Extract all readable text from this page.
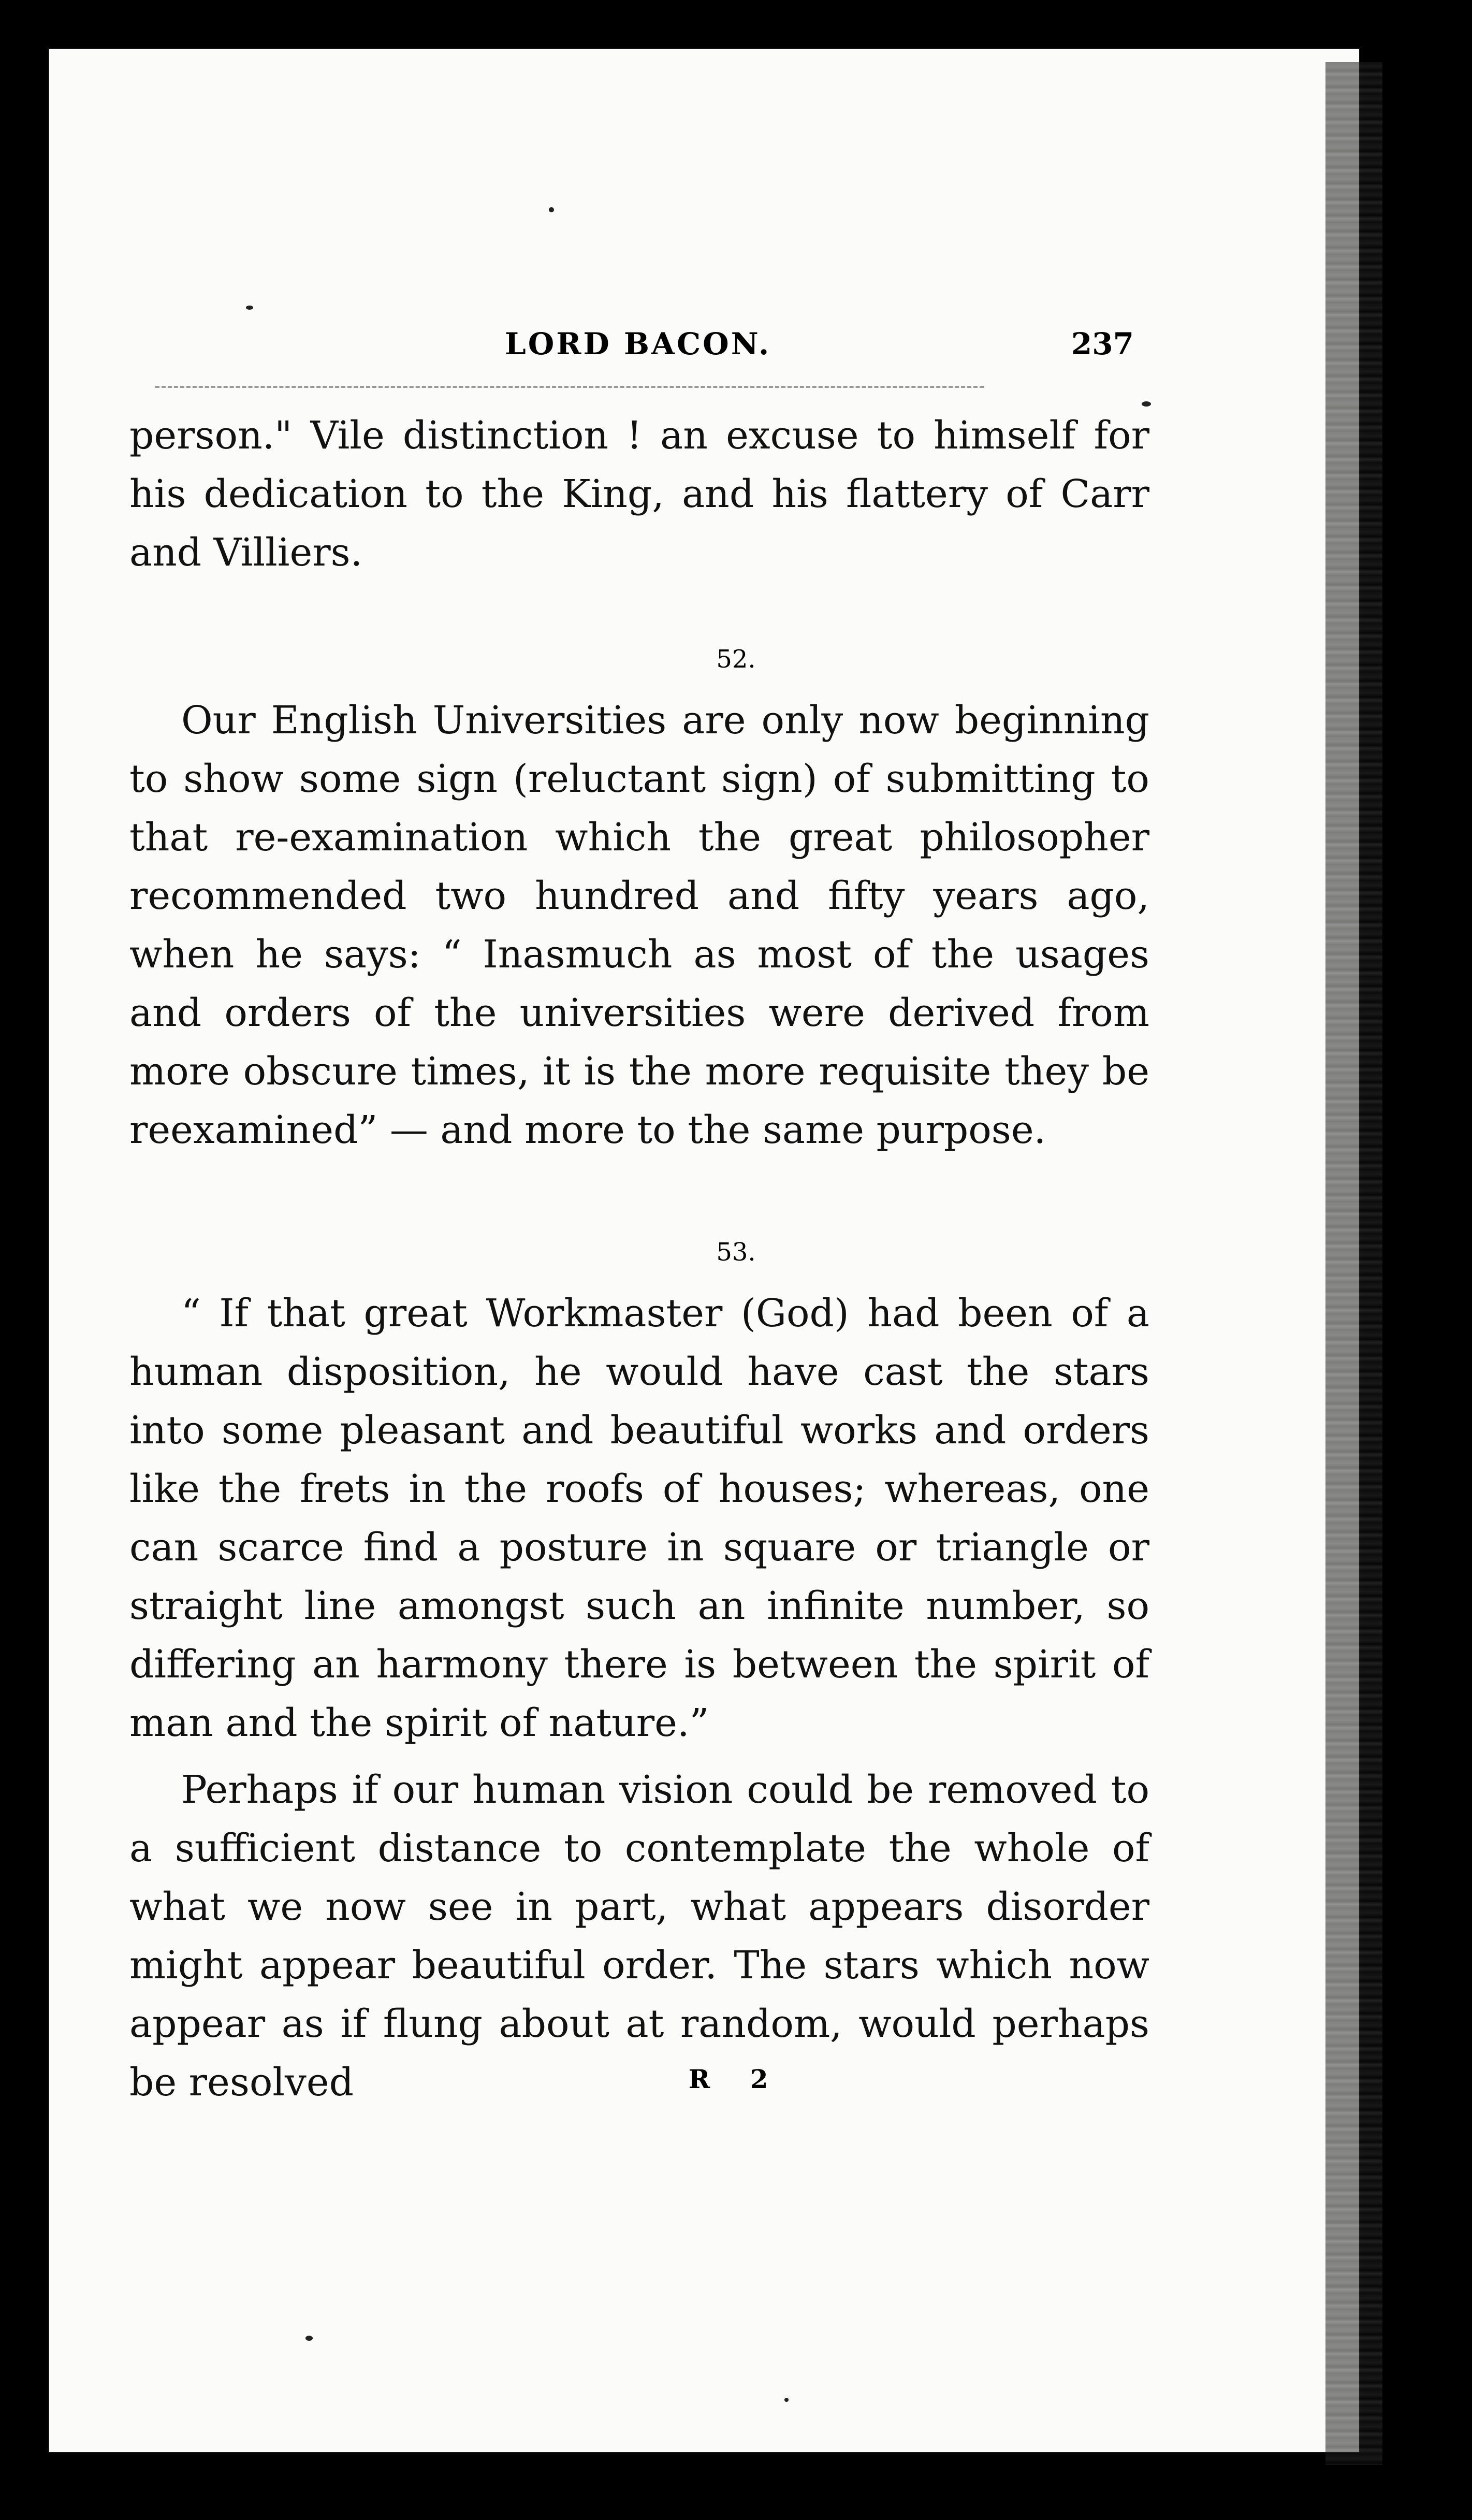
LORD BACON.	237

person." Vile distinction ! an excuse to himself for his dedication to the King, and his flattery of Carr and Villiers.

52.

Our English Universities are only now beginning to show some sign (reluctant sign) of submitting to that re-examination which the great philosopher recommended two hundred and fifty years ago, when he says: “ Inasmuch as most of the usages and orders of the universities were derived from more obscure times, it is the more requisite they be reexamined” — and more to the same purpose.

53.

“ If that great Workmaster (God) had been of a human disposition, he would have cast the stars into some pleasant and beautiful works and orders like the frets in the roofs of houses; whereas, one can scarce find a posture in square or triangle or straight line amongst such an infinite number, so differing an harmony there is between the spirit of man and the spirit of nature.”

Perhaps if our human vision could be removed to a sufficient distance to contemplate the whole of what we now see in part, what appears disorder might appear beautiful order. The stars which now appear as if flung about at random, would perhaps be resolved	R 2
